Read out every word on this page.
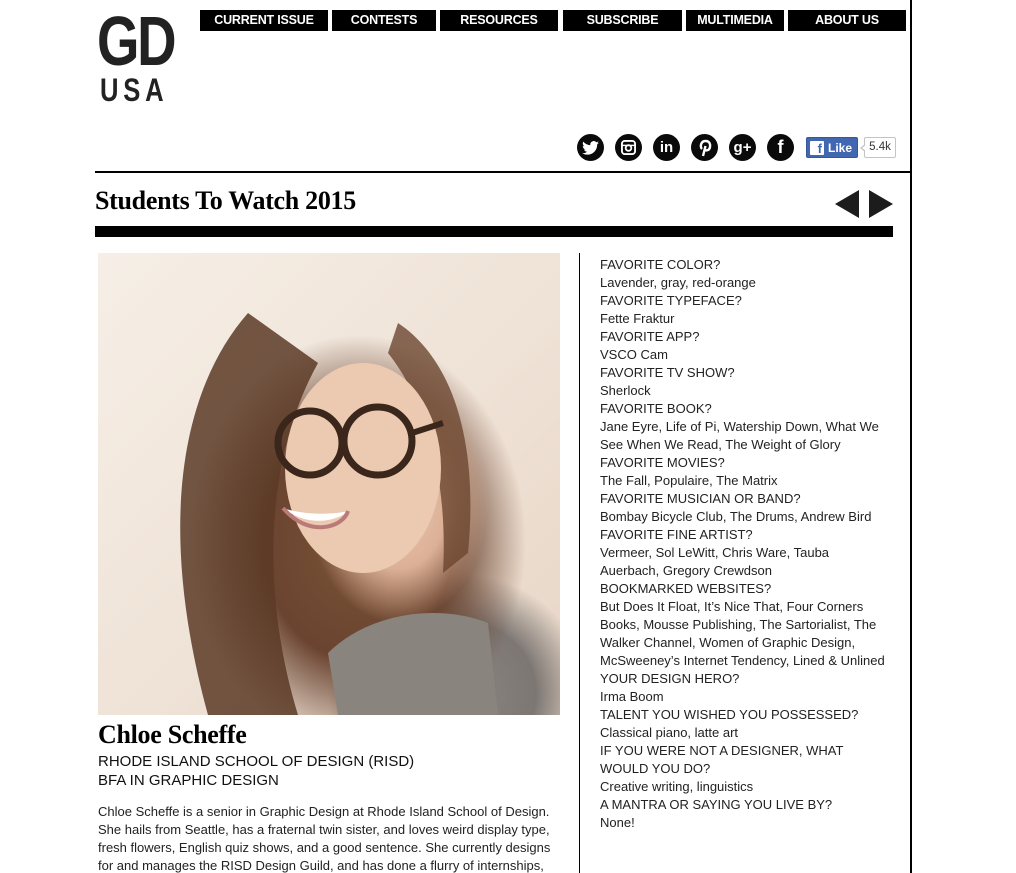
GD
USA
CURRENT ISSUE	CONTESTS	RESOURCES	SUBSCRIBE	MULTIMEDIA	ABOUT US
in	g+	f	f Like	5.4k
Students To Watch 2015
Chloe Scheffe
RHODE ISLAND SCHOOL OF DESIGN (RISD)
BFA IN GRAPHIC DESIGN

Chloe Scheffe is a senior in Graphic Design at Rhode Island School of Design. She hails from Seattle, has a fraternal twin sister, and loves weird display type, fresh flowers, English quiz shows, and a good sentence. She currently designs for and manages the RISD Design Guild, and has done a flurry of internships,

FAVORITE COLOR?
Lavender, gray, red-orange
FAVORITE TYPEFACE?
Fette Fraktur
FAVORITE APP?
VSCO Cam
FAVORITE TV SHOW?
Sherlock
FAVORITE BOOK?
Jane Eyre, Life of Pi, Watership Down, What We See When We Read, The Weight of Glory
FAVORITE MOVIES?
The Fall, Populaire, The Matrix
FAVORITE MUSICIAN OR BAND?
Bombay Bicycle Club, The Drums, Andrew Bird
FAVORITE FINE ARTIST?
Vermeer, Sol LeWitt, Chris Ware, Tauba Auerbach, Gregory Crewdson
BOOKMARKED WEBSITES?
But Does It Float, It’s Nice That, Four Corners Books, Mousse Publishing, The Sartorialist, The Walker Channel, Women of Graphic Design, McSweeney’s Internet Tendency, Lined & Unlined
YOUR DESIGN HERO?
Irma Boom
TALENT YOU WISHED YOU POSSESSED?
Classical piano, latte art
IF YOU WERE NOT A DESIGNER, WHAT WOULD YOU DO?
Creative writing, linguistics
A MANTRA OR SAYING YOU LIVE BY?
None!
